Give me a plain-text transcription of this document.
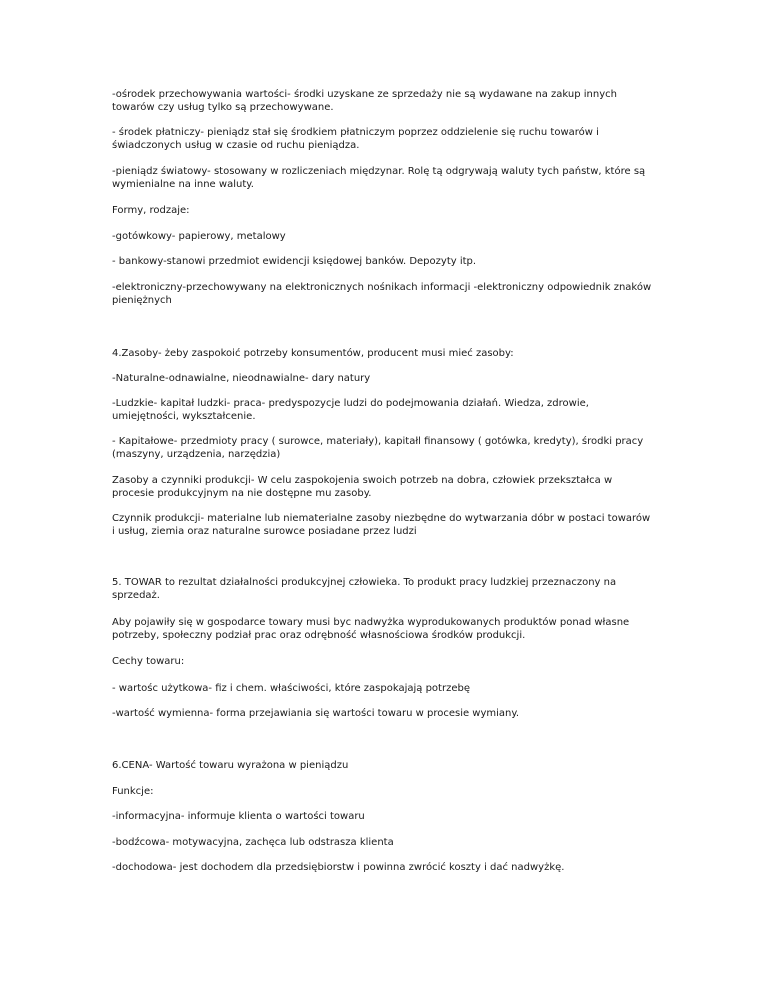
-ośrodek przechowywania wartości- środki uzyskane ze sprzedaży nie są wydawane na zakup innych
towarów czy usług tylko są przechowywane.
- środek płatniczy- pieniądz stał się środkiem płatniczym poprzez oddzielenie się ruchu towarów i
świadczonych usług w czasie od ruchu pieniądza.
-pieniądz światowy- stosowany w rozliczeniach międzynar. Rolę tą odgrywają waluty tych państw, które są
wymienialne na inne waluty.
Formy, rodzaje:
-gotówkowy- papierowy, metalowy
- bankowy-stanowi przedmiot ewidencji księdowej banków. Depozyty itp.
-elektroniczny-przechowywany na elektronicznych nośnikach informacji -elektroniczny odpowiednik znaków
pieniężnych
4.Zasoby- żeby zaspokoić potrzeby konsumentów, producent musi mieć zasoby:
-Naturalne-odnawialne, nieodnawialne- dary natury
-Ludzkie- kapitał ludzki- praca- predyspozycje ludzi do podejmowania działań. Wiedza, zdrowie,
umiejętności, wykształcenie.
- Kapitałowe- przedmioty pracy ( surowce, materiały), kapitałl finansowy ( gotówka, kredyty), środki pracy
(maszyny, urządzenia, narzędzia)
Zasoby a czynniki produkcji- W celu zaspokojenia swoich potrzeb na dobra, człowiek przekształca w
procesie produkcyjnym na nie dostępne mu zasoby.
Czynnik produkcji- materialne lub niematerialne zasoby niezbędne do wytwarzania dóbr w postaci towarów
i usług, ziemia oraz naturalne surowce posiadane przez ludzi
5. TOWAR to rezultat działalności produkcyjnej człowieka. To produkt pracy ludzkiej przeznaczony na
sprzedaż.
Aby pojawiły się w gospodarce towary musi byc nadwyżka wyprodukowanych produktów ponad własne
potrzeby, społeczny podział prac oraz odrębność własnościowa środków produkcji.
Cechy towaru:
- wartośc użytkowa- fiz i chem. właściwości, które zaspokajają potrzebę
-wartość wymienna- forma przejawiania się wartości towaru w procesie wymiany.
6.CENA- Wartość towaru wyrażona w pieniądzu
Funkcje:
-informacyjna- informuje klienta o wartości towaru
-bodźcowa- motywacyjna, zachęca lub odstrasza klienta
-dochodowa- jest dochodem dla przedsiębiorstw i powinna zwrócić koszty i dać nadwyżkę.
